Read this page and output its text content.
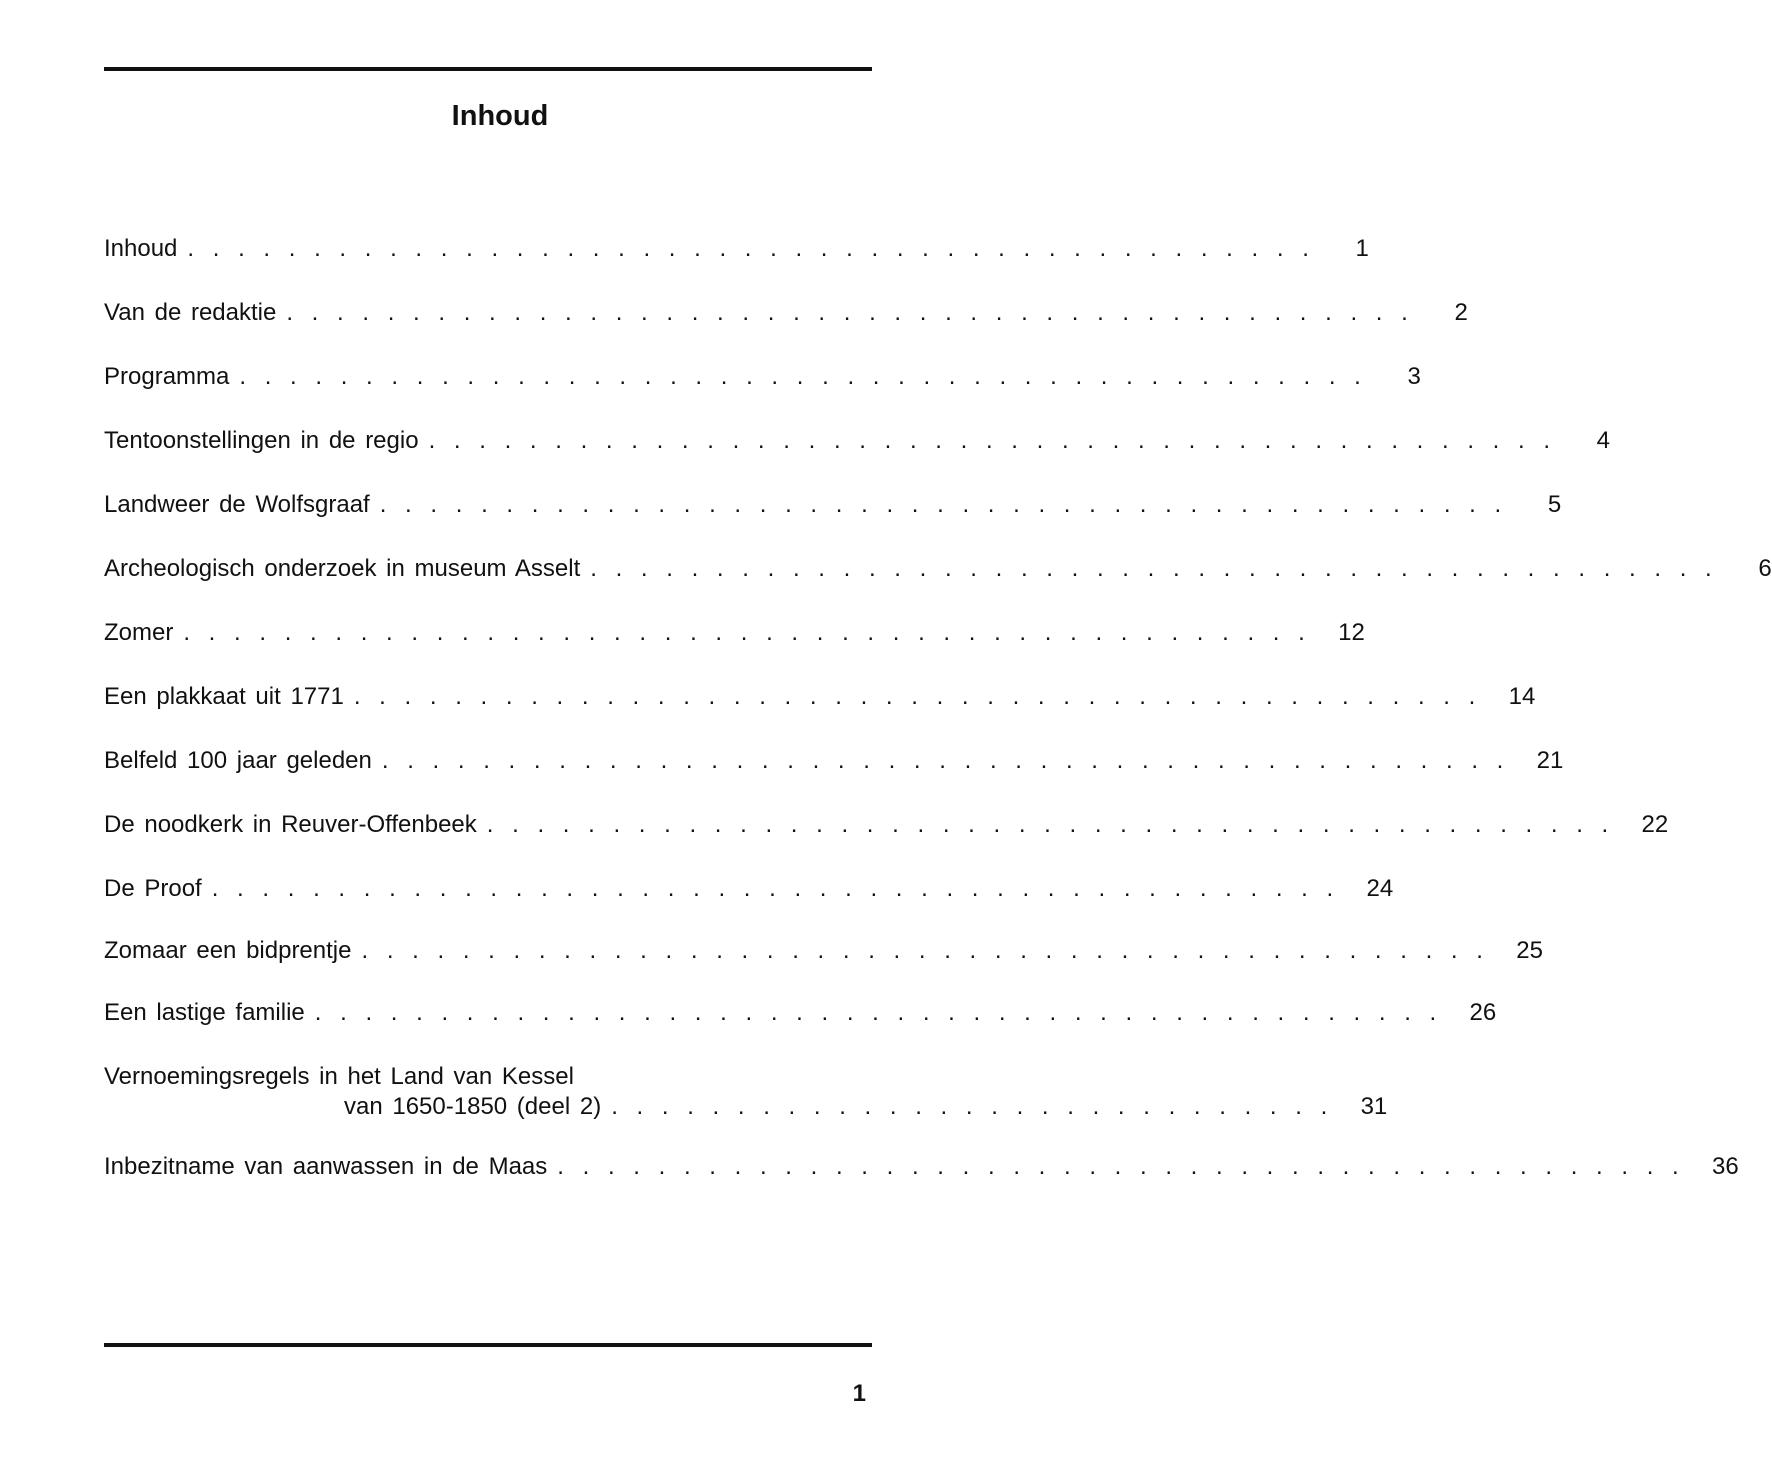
Inhoud
Inhoud . . . . . . . . . . . . . . . . . . . . . . . . . . . . . . . . . . . . . . . . . . . . .	1
Van de redaktie . . . . . . . . . . . . . . . . . . . . . . . . . . . . . . . . . . . . . . . . . . . . .	2
Programma . . . . . . . . . . . . . . . . . . . . . . . . . . . . . . . . . . . . . . . . . . . . .	3
Tentoonstellingen in de regio . . . . . . . . . . . . . . . . . . . . . . . . . . . . . . . . . . . . . . . . . . . . .	4
Landweer de Wolfsgraaf . . . . . . . . . . . . . . . . . . . . . . . . . . . . . . . . . . . . . . . . . . . . .	5
Archeologisch onderzoek in museum Asselt . . . . . . . . . . . . . . . . . . . . . . . . . . . . . . . . . . . . . . . . . . . . .	6
Zomer . . . . . . . . . . . . . . . . . . . . . . . . . . . . . . . . . . . . . . . . . . . . . 12
Een plakkaat uit 1771 . . . . . . . . . . . . . . . . . . . . . . . . . . . . . . . . . . . . . . . . . . . . . 14
Belfeld 100 jaar geleden . . . . . . . . . . . . . . . . . . . . . . . . . . . . . . . . . . . . . . . . . . . . . 21
De noodkerk in Reuver-Offenbeek . . . . . . . . . . . . . . . . . . . . . . . . . . . . . . . . . . . . . . . . . . . . . 22
De Proof . . . . . . . . . . . . . . . . . . . . . . . . . . . . . . . . . . . . . . . . . . . . . 24
Zomaar een bidprentje . . . . . . . . . . . . . . . . . . . . . . . . . . . . . . . . . . . . . . . . . . . . . 25
Een lastige familie . . . . . . . . . . . . . . . . . . . . . . . . . . . . . . . . . . . . . . . . . . . . . 26
Vernoemingsregels in het Land van Kessel
van 1650-1850 (deel 2) . . . . . . . . . . . . . . . . . . . . . . . . . . . . . 31
Inbezitname van aanwassen in de Maas . . . . . . . . . . . . . . . . . . . . . . . . . . . . . . . . . . . . . . . . . . . . . 36
1
